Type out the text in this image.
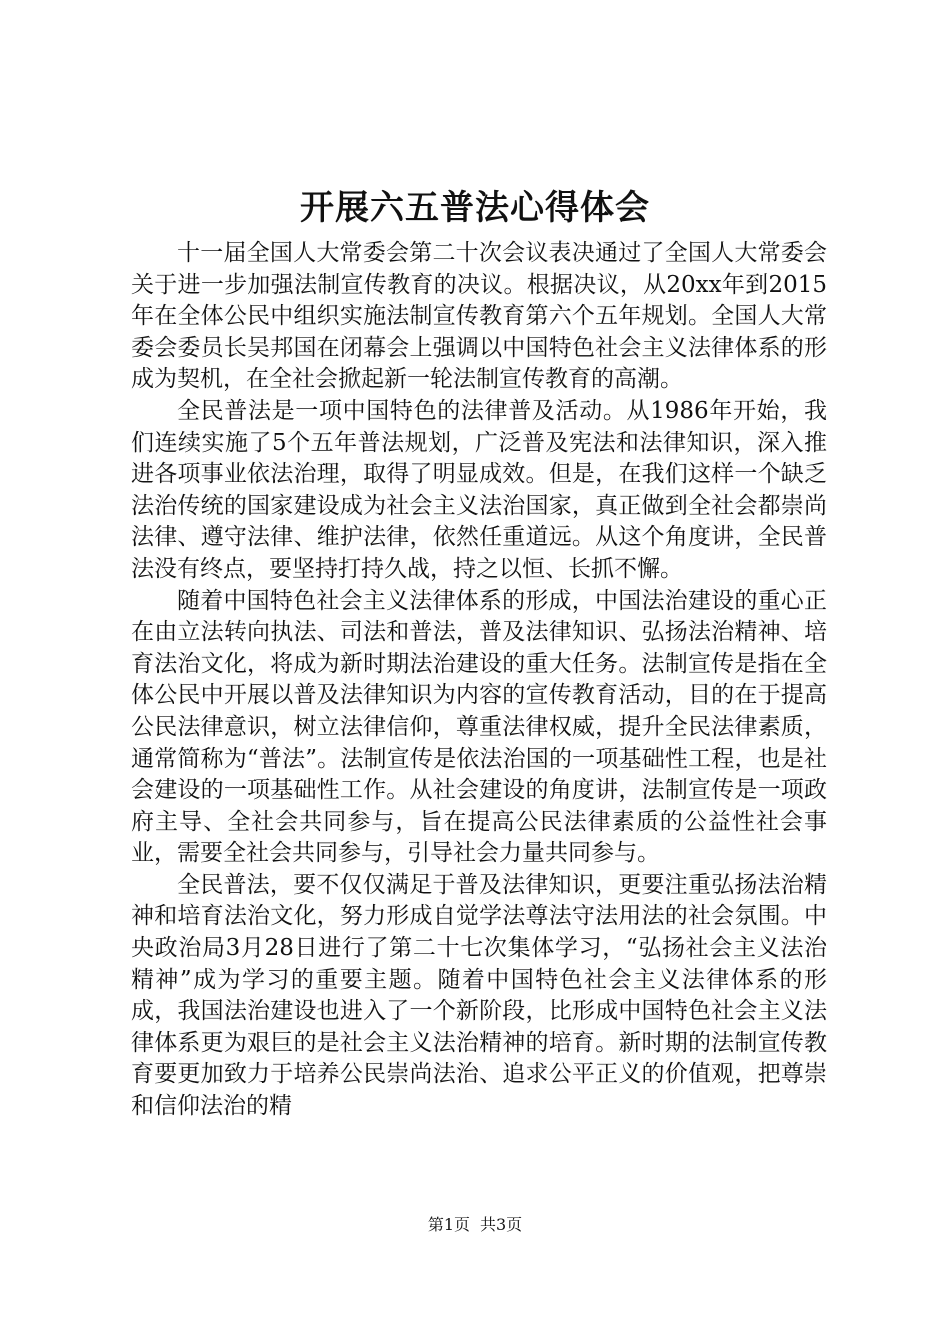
开展六五普法心得体会

十一届全国人大常委会第二十次会议表决通过了全国人大常委会关于进一步加强法制宣传教育的决议。根据决议，从20xx年到2015年在全体公民中组织实施法制宣传教育第六个五年规划。全国人大常委会委员长吴邦国在闭幕会上强调以中国特色社会主义法律体系的形成为契机，在全社会掀起新一轮法制宣传教育的高潮。

全民普法是一项中国特色的法律普及活动。从1986年开始，我们连续实施了5个五年普法规划，广泛普及宪法和法律知识，深入推进各项事业依法治理，取得了明显成效。但是，在我们这样一个缺乏法治传统的国家建设成为社会主义法治国家，真正做到全社会都崇尚法律、遵守法律、维护法律，依然任重道远。从这个角度讲，全民普法没有终点，要坚持打持久战，持之以恒、长抓不懈。

随着中国特色社会主义法律体系的形成，中国法治建设的重心正在由立法转向执法、司法和普法，普及法律知识、弘扬法治精神、培育法治文化，将成为新时期法治建设的重大任务。法制宣传是指在全体公民中开展以普及法律知识为内容的宣传教育活动，目的在于提高公民法律意识，树立法律信仰，尊重法律权威，提升全民法律素质，通常简称为“普法”。法制宣传是依法治国的一项基础性工程，也是社会建设的一项基础性工作。从社会建设的角度讲，法制宣传是一项政府主导、全社会共同参与，旨在提高公民法律素质的公益性社会事业，需要全社会共同参与，引导社会力量共同参与。

全民普法，要不仅仅满足于普及法律知识，更要注重弘扬法治精神和培育法治文化，努力形成自觉学法尊法守法用法的社会氛围。中央政治局3月28日进行了第二十七次集体学习，“弘扬社会主义法治精神”成为学习的重要主题。随着中国特色社会主义法律体系的形成，我国法治建设也进入了一个新阶段，比形成中国特色社会主义法律体系更为艰巨的是社会主义法治精神的培育。新时期的法制宣传教育要更加致力于培养公民崇尚法治、追求公平正义的价值观，把尊崇和信仰法治的精

第1页 共3页
